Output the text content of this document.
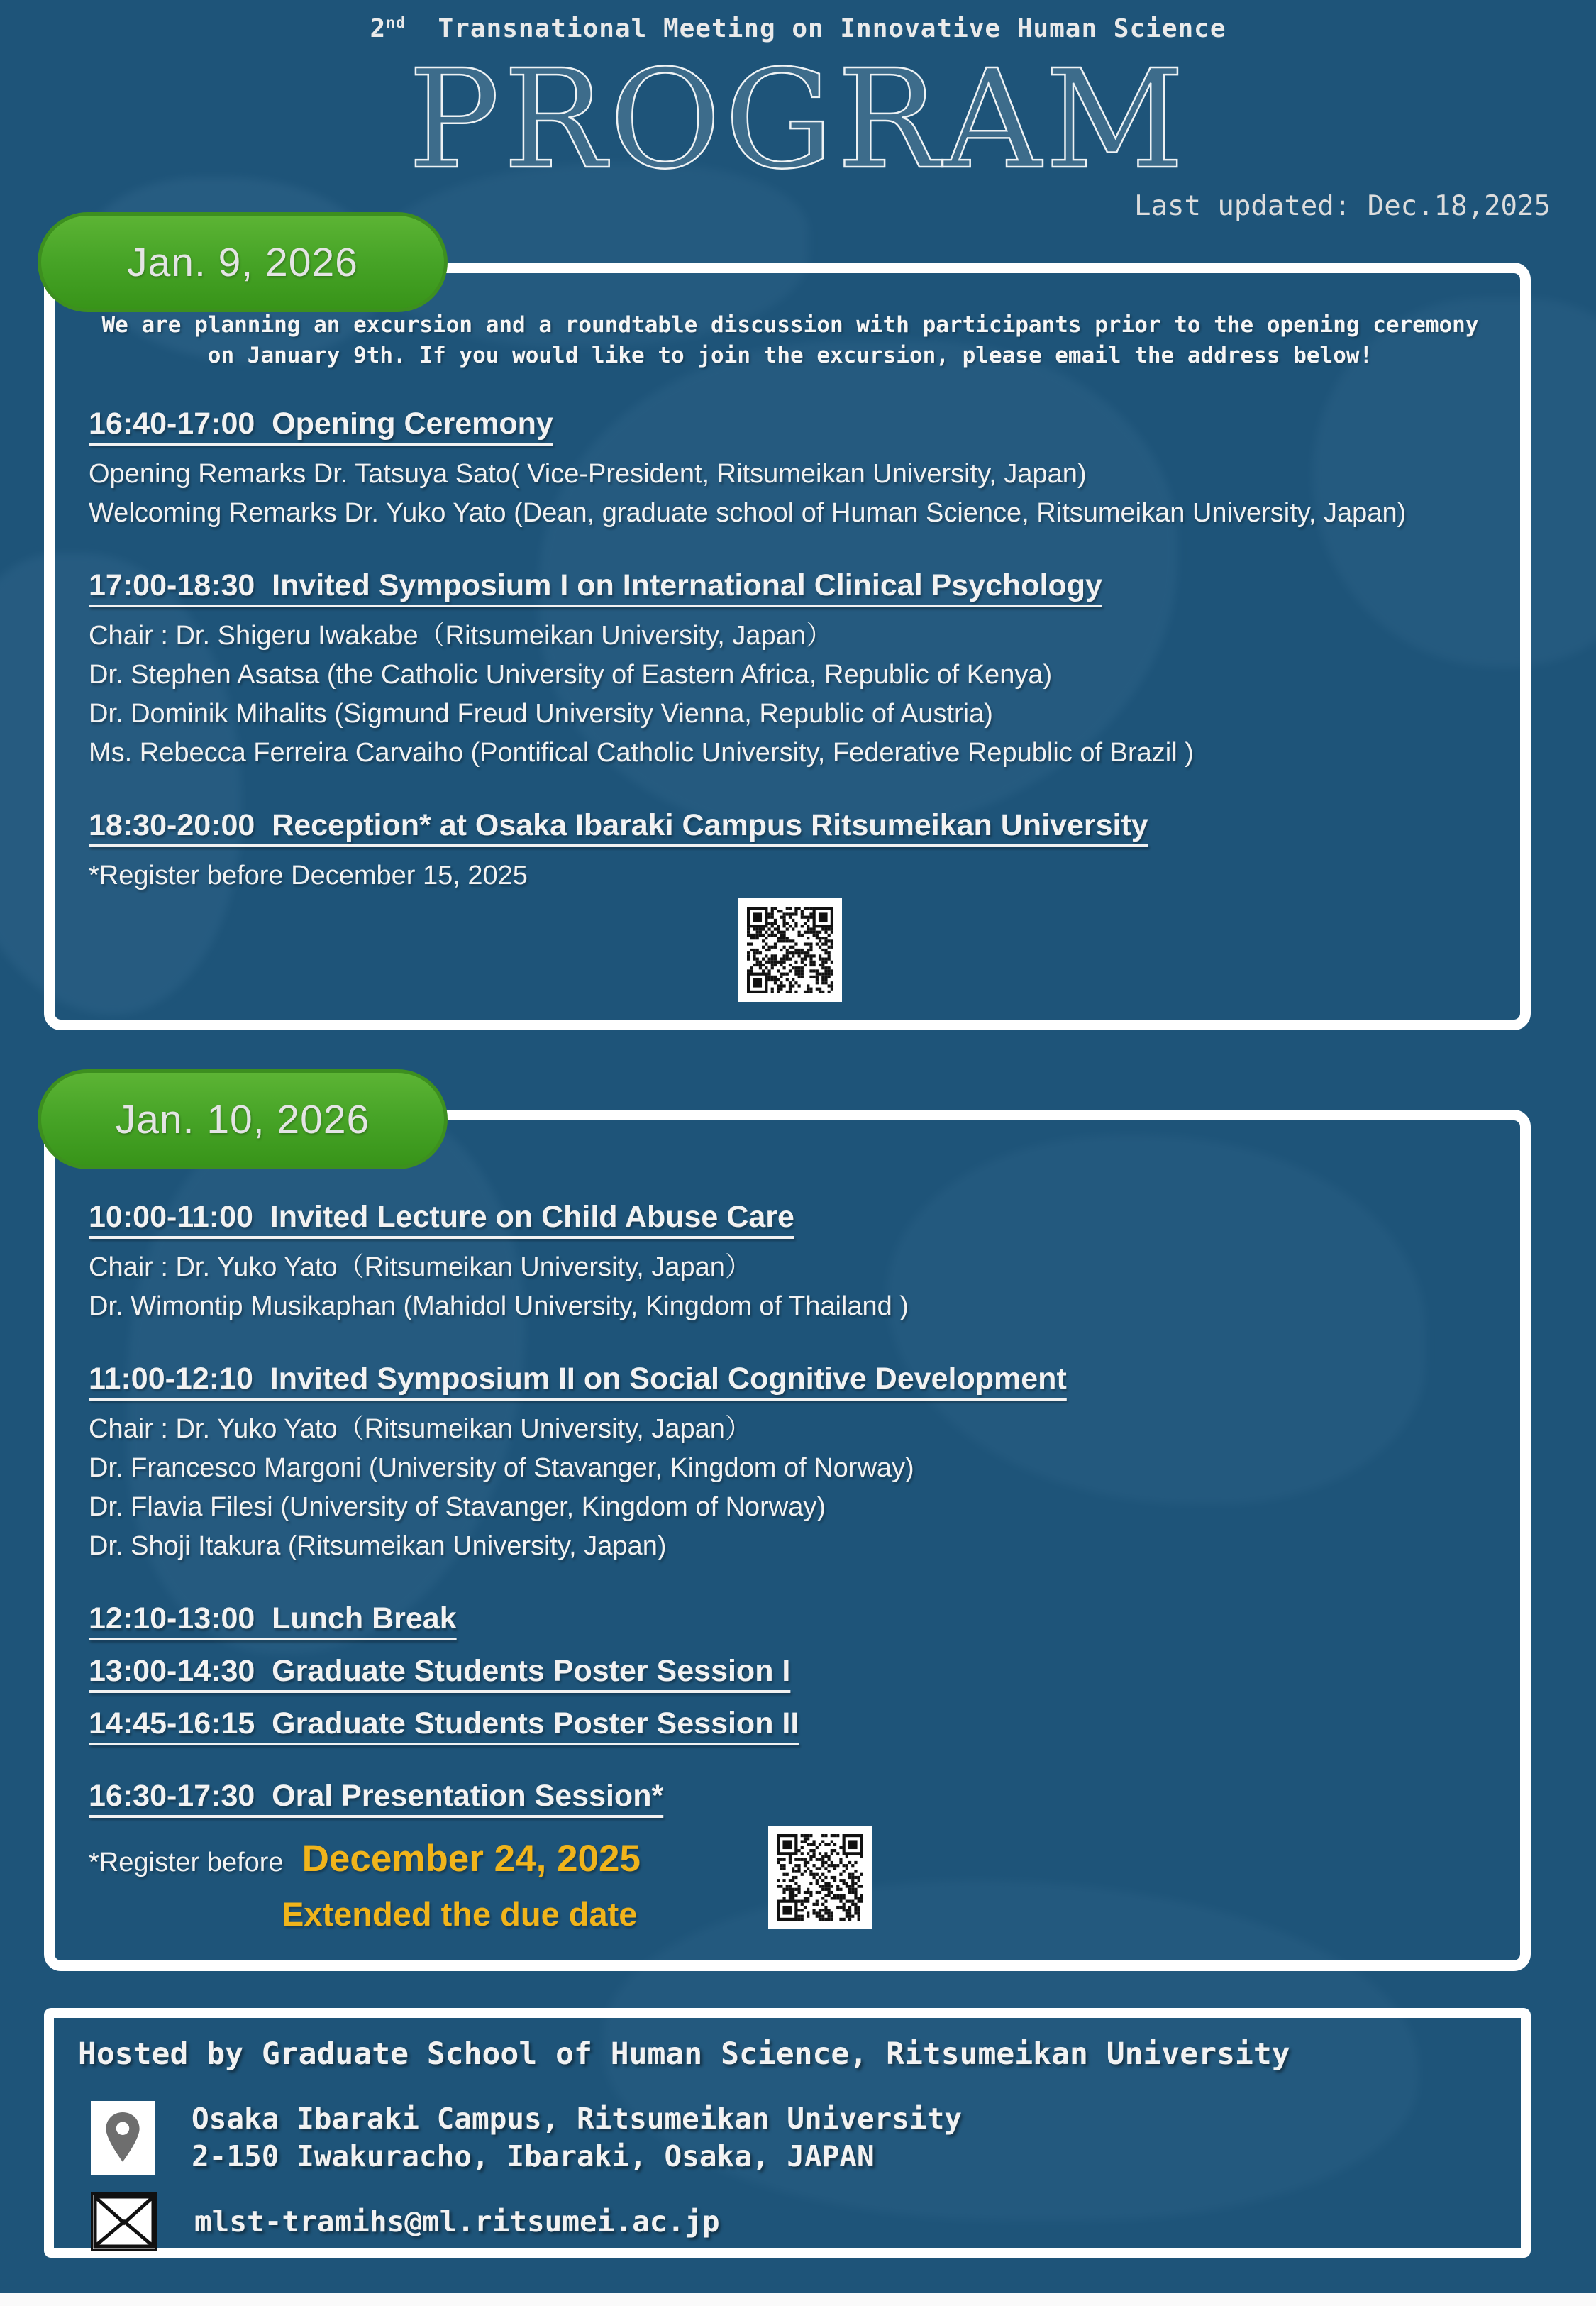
2nd  Transnational Meeting on Innovative Human Science
PROGRAM
Last updated: Dec.18,2025
We are planning an excursion and a roundtable discussion with participants prior to the opening ceremony on January 9th. If you would like to join the excursion, please email the address below!
16:40-17:00  Opening Ceremony
Opening Remarks Dr. Tatsuya Sato( Vice-President, Ritsumeikan University, Japan)
Welcoming Remarks Dr. Yuko Yato (Dean, graduate school of Human Science, Ritsumeikan University, Japan)
17:00-18:30  Invited Symposium I on International Clinical Psychology
Chair : Dr. Shigeru Iwakabe（Ritsumeikan University, Japan）
Dr. Stephen Asatsa (the Catholic University of Eastern Africa, Republic of Kenya)
Dr. Dominik Mihalits (Sigmund Freud University Vienna, Republic of Austria)
Ms. Rebecca Ferreira Carvaiho (Pontifical Catholic University, Federative Republic of Brazil )
18:30-20:00  Reception* at Osaka Ibaraki Campus Ritsumeikan University
*Register before December 15, 2025
10:00-11:00  Invited Lecture on Child Abuse Care
Chair : Dr. Yuko Yato（Ritsumeikan University, Japan）
Dr. Wimontip Musikaphan (Mahidol University, Kingdom of Thailand )
11:00-12:10  Invited Symposium II on Social Cognitive Development
Chair : Dr. Yuko Yato（Ritsumeikan University, Japan）
Dr. Francesco Margoni (University of Stavanger, Kingdom of Norway)
Dr. Flavia Filesi (University of Stavanger, Kingdom of Norway)
Dr. Shoji Itakura (Ritsumeikan University, Japan)
12:10-13:00  Lunch Break
13:00-14:30  Graduate Students Poster Session I
14:45-16:15  Graduate Students Poster Session II
16:30-17:30  Oral Presentation Session*
*Register before December 24, 2025
Extended the due date
Hosted by Graduate School of Human Science, Ritsumeikan University
Osaka Ibaraki Campus, Ritsumeikan University
2-150 Iwakuracho, Ibaraki, Osaka, JAPAN
mlst-tramihs@ml.ritsumei.ac.jp
Jan. 9, 2026
Jan. 10, 2026
